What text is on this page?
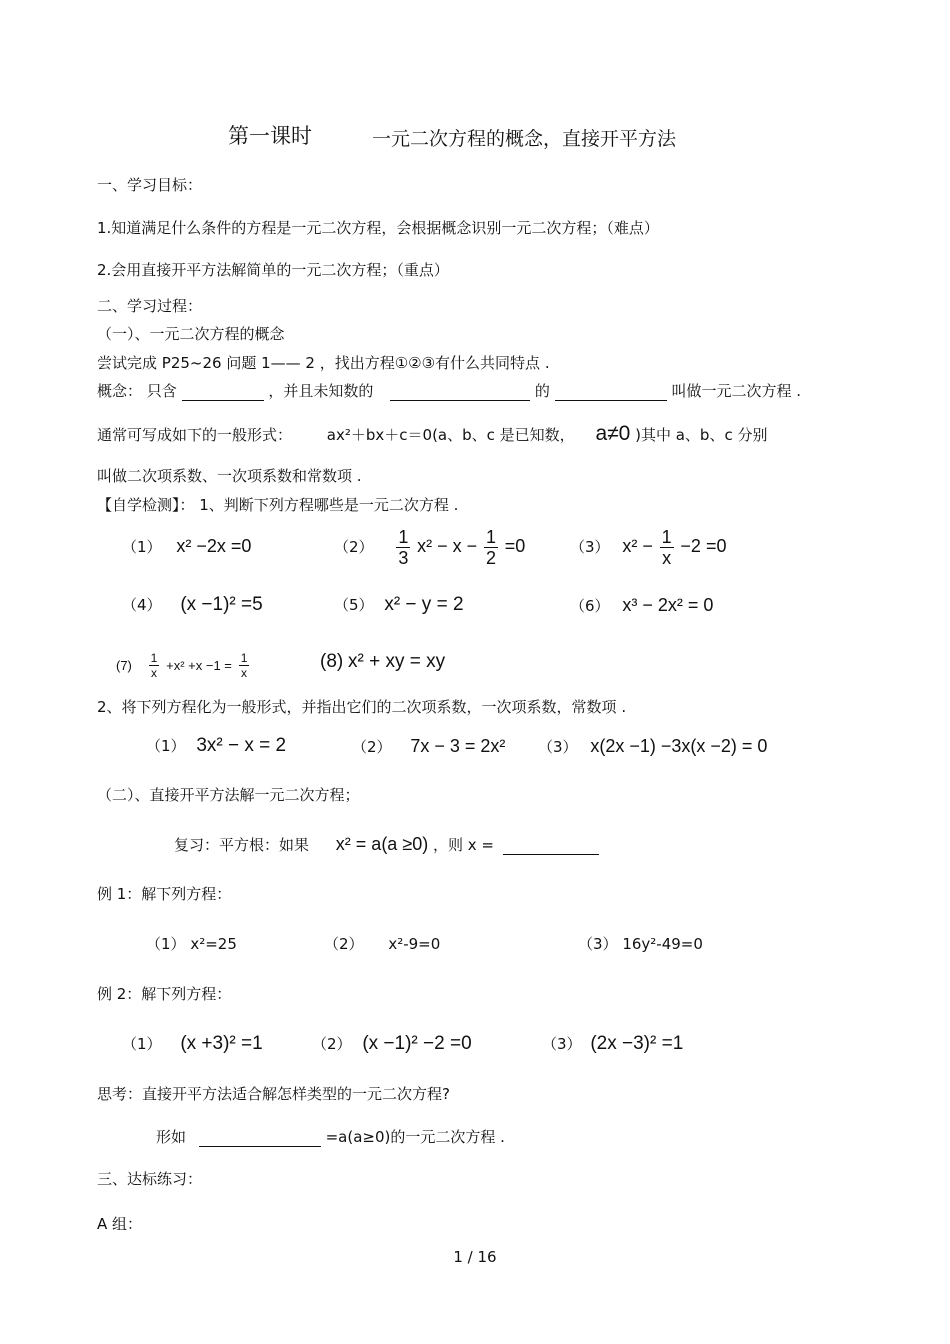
第一课时	一元二次方程的概念，直接开平方法
一、学习目标：
1.知道满足什么条件的方程是一元二次方程，会根据概念识别一元二次方程；（难点）
2.会用直接开平方法解简单的一元二次方程；（重点）
二、学习过程：
（一）、一元二次方程的概念
尝试完成 P25~26 问题 1—— 2 ，找出方程①②③有什么共同特点 .
概念： 只含	，并且未知数的	的	叫做一元二次方程 .
通常可写成如下的一般形式： ax²＋bx＋c＝0(a、b、c 是已知数， a≠0 )其中 a、b、c 分别
叫做二次项系数、一次项系数和常数项 .
【自学检测】： 1、判断下列方程哪些是一元二次方程 .
（1） x² −2x =0	$(2) \frac{1}{3} x^2 - x - \frac{1}{2} =0$	（3） $x^2 - \frac{1}{x} -2 =0$
（4） (x −1)² =5	（5） x² − y = 2	（6） x³ − 2x² = 0
$(7) \frac{1}{x} +x^2 +x -1 = \frac{1}{x}$	(8) x² + xy = xy
2、将下列方程化为一般形式，并指出它们的二次项系数，一次项系数，常数项 .
（1） 3x² − x = 2	（2） 7x − 3 = 2x² （3） x(2x −1) −3x(x −2) = 0
（二）、直接开平方法解一元二次方程；
复习：平方根：如果 x² = a(a ≥0) ，则 x =
例 1：解下列方程：
（1） x²=25	（2） x²-9=0	（3） 16y²-49=0
例 2：解下列方程：
（1） (x +3)² =1	（2） (x −1)² −2 =0	（3） (2x −3)² =1
思考：直接开平方法适合解怎样类型的一元二次方程?
形如	=a(a≥0)的一元二次方程 .
三、达标练习：
A 组：
1 / 16
